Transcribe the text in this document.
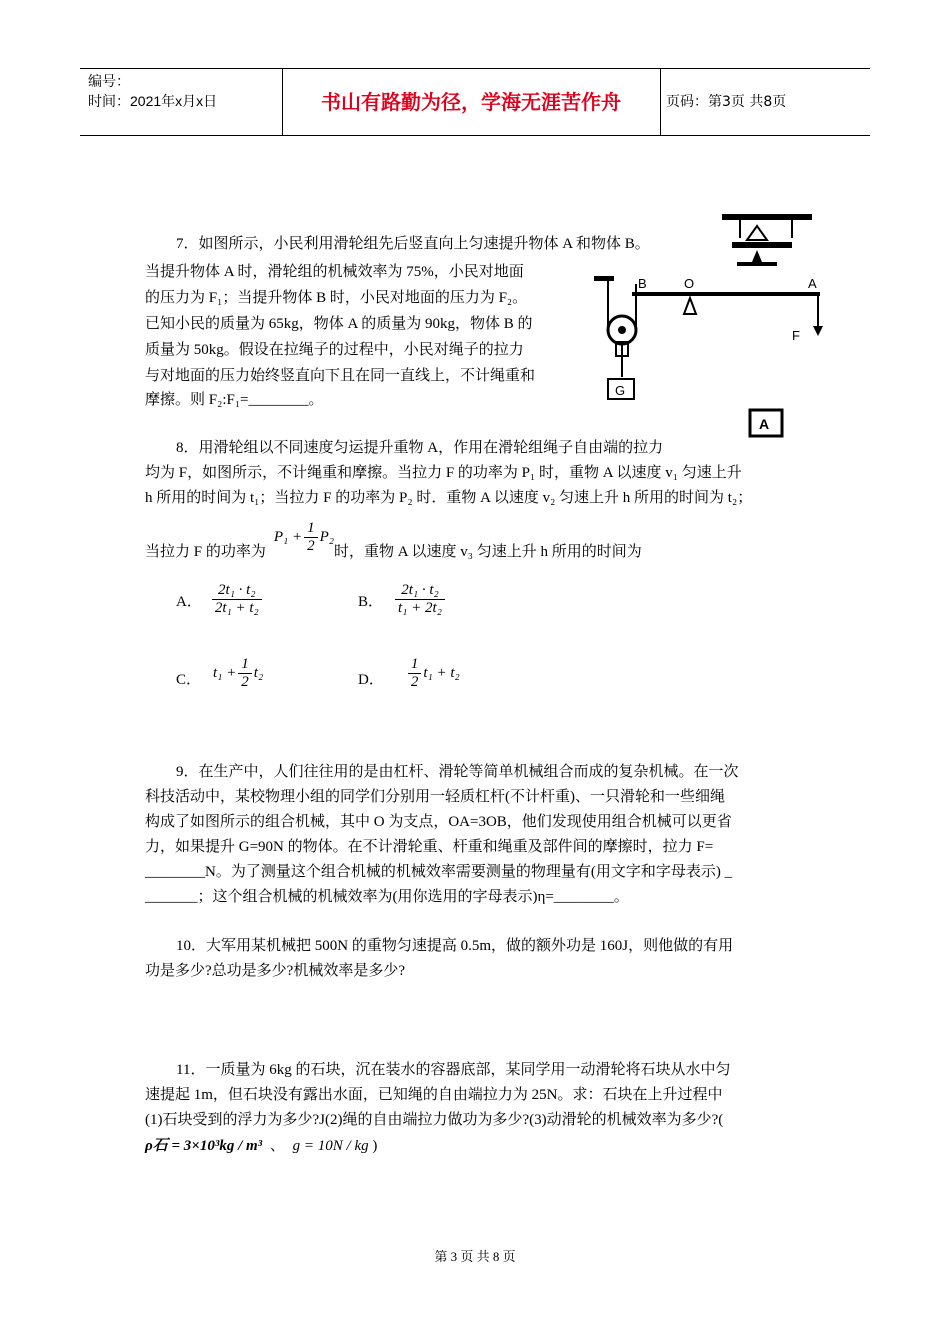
编号：
时间：2021年x月x日	书山有路勤为径，学海无涯苦作舟	页码：第3页 共8页
7．如图所示，小民利用滑轮组先后竖直向上匀速提升物体 A 和物体 B。
当提升物体 A 时，滑轮组的机械效率为 75%，小民对地面
的压力为 F₁；当提升物体 B 时，小民对地面的压力为 F₂。
已知小民的质量为 65kg，物体 A 的质量为 90kg，物体 B 的
质量为 50kg。假设在拉绳子的过程中，小民对绳子的拉力
与对地面的压力始终竖直向下且在同一直线上，不计绳重和
摩擦。则 F₂:F₁=________。
G
B	O	A
F
A
8．用滑轮组以不同速度匀运提升重物 A，作用在滑轮组绳子自由端的拉力
均为 F，如图所示，不计绳重和摩擦。当拉力 F 的功率为 P₁ 时，重物 A 以速度 v₁ 匀速上升
h 所用的时间为 t₁；当拉力 F 的功率为 P₂ 时．重物 A 以速度 v₂ 匀速上升 h 所用的时间为 t₂；
当拉力 F 的功率为
$P_1 + \frac{1}{2} P_2$
时，重物 A 以速度 v₃ 匀速上升 h 所用的时间为
A． $\frac{\text{2t₁ · t₂}}{\text{2t₁ + t₂}}$	B． $\frac{\text{2t₁ · t₂}}{\text{t₁ + 2t₂}}$
C． $t_1 + \frac{1}{2} t_2$	D． $\frac{1}{2} t_1 + t_2$
9．在生产中，人们往往用的是由杠杆、滑轮等简单机械组合而成的复杂机械。在一次
科技活动中，某校物理小组的同学们分别用一轻质杠杆(不计杆重)、一只滑轮和一些细绳
构成了如图所示的组合机械，其中 O 为支点，OA=3OB，他们发现使用组合机械可以更省
力，如果提升 G=90N 的物体。在不计滑轮重、杆重和绳重及部件间的摩擦时，拉力 F=
________N。为了测量这个组合机械的机械效率需要测量的物理量有(用文字和字母表示) _
_______；这个组合机械的机械效率为(用你选用的字母表示)η=________。
10．大军用某机械把 500N 的重物匀速提高 0.5m，做的额外功是 160J，则他做的有用
功是多少?总功是多少?机械效率是多少?
11．一质量为 6kg 的石块，沉在装水的容器底部，某同学用一动滑轮将石块从水中匀
速提起 1m，但石块没有露出水面，已知绳的自由端拉力为 25N。求：石块在上升过程中
(1)石块受到的浮力为多少?J(2)绳的自由端拉力做功为多少?(3)动滑轮的机械效率为多少?(
ρ石 = 3×10³kg / m³ 、 g = 10N / kg )
第 3 页 共 8 页
